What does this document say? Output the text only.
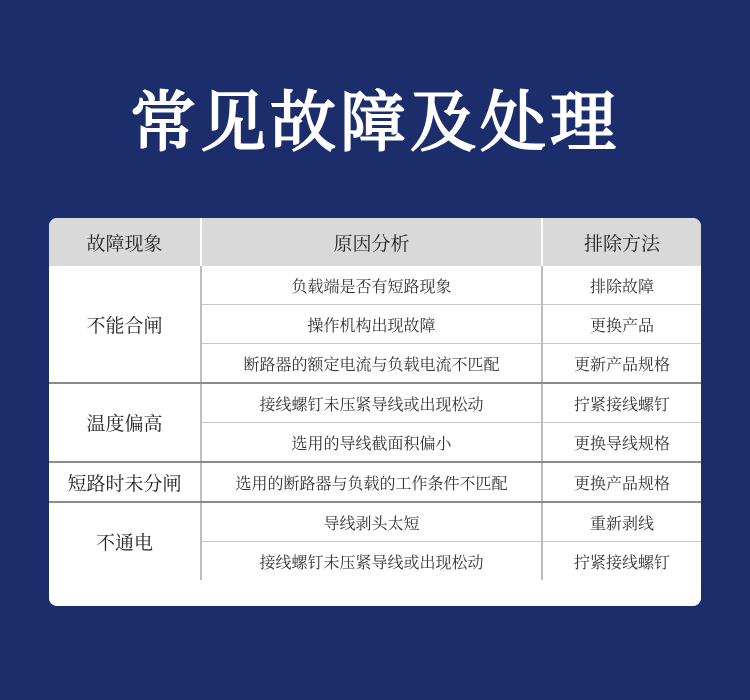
常见故障及处理
故障现象	原因分析	排除方法
不能合闸	负载端是否有短路现象	排除故障
	操作机构出现故障	更换产品
	断路器的额定电流与负载电流不匹配	更新产品规格
温度偏高	接线螺钉未压紧导线或出现松动	拧紧接线螺钉
	选用的导线截面积偏小	更换导线规格
短路时未分闸	选用的断路器与负载的工作条件不匹配	更换产品规格
不通电	导线剥头太短	重新剥线
	接线螺钉未压紧导线或出现松动	拧紧接线螺钉
